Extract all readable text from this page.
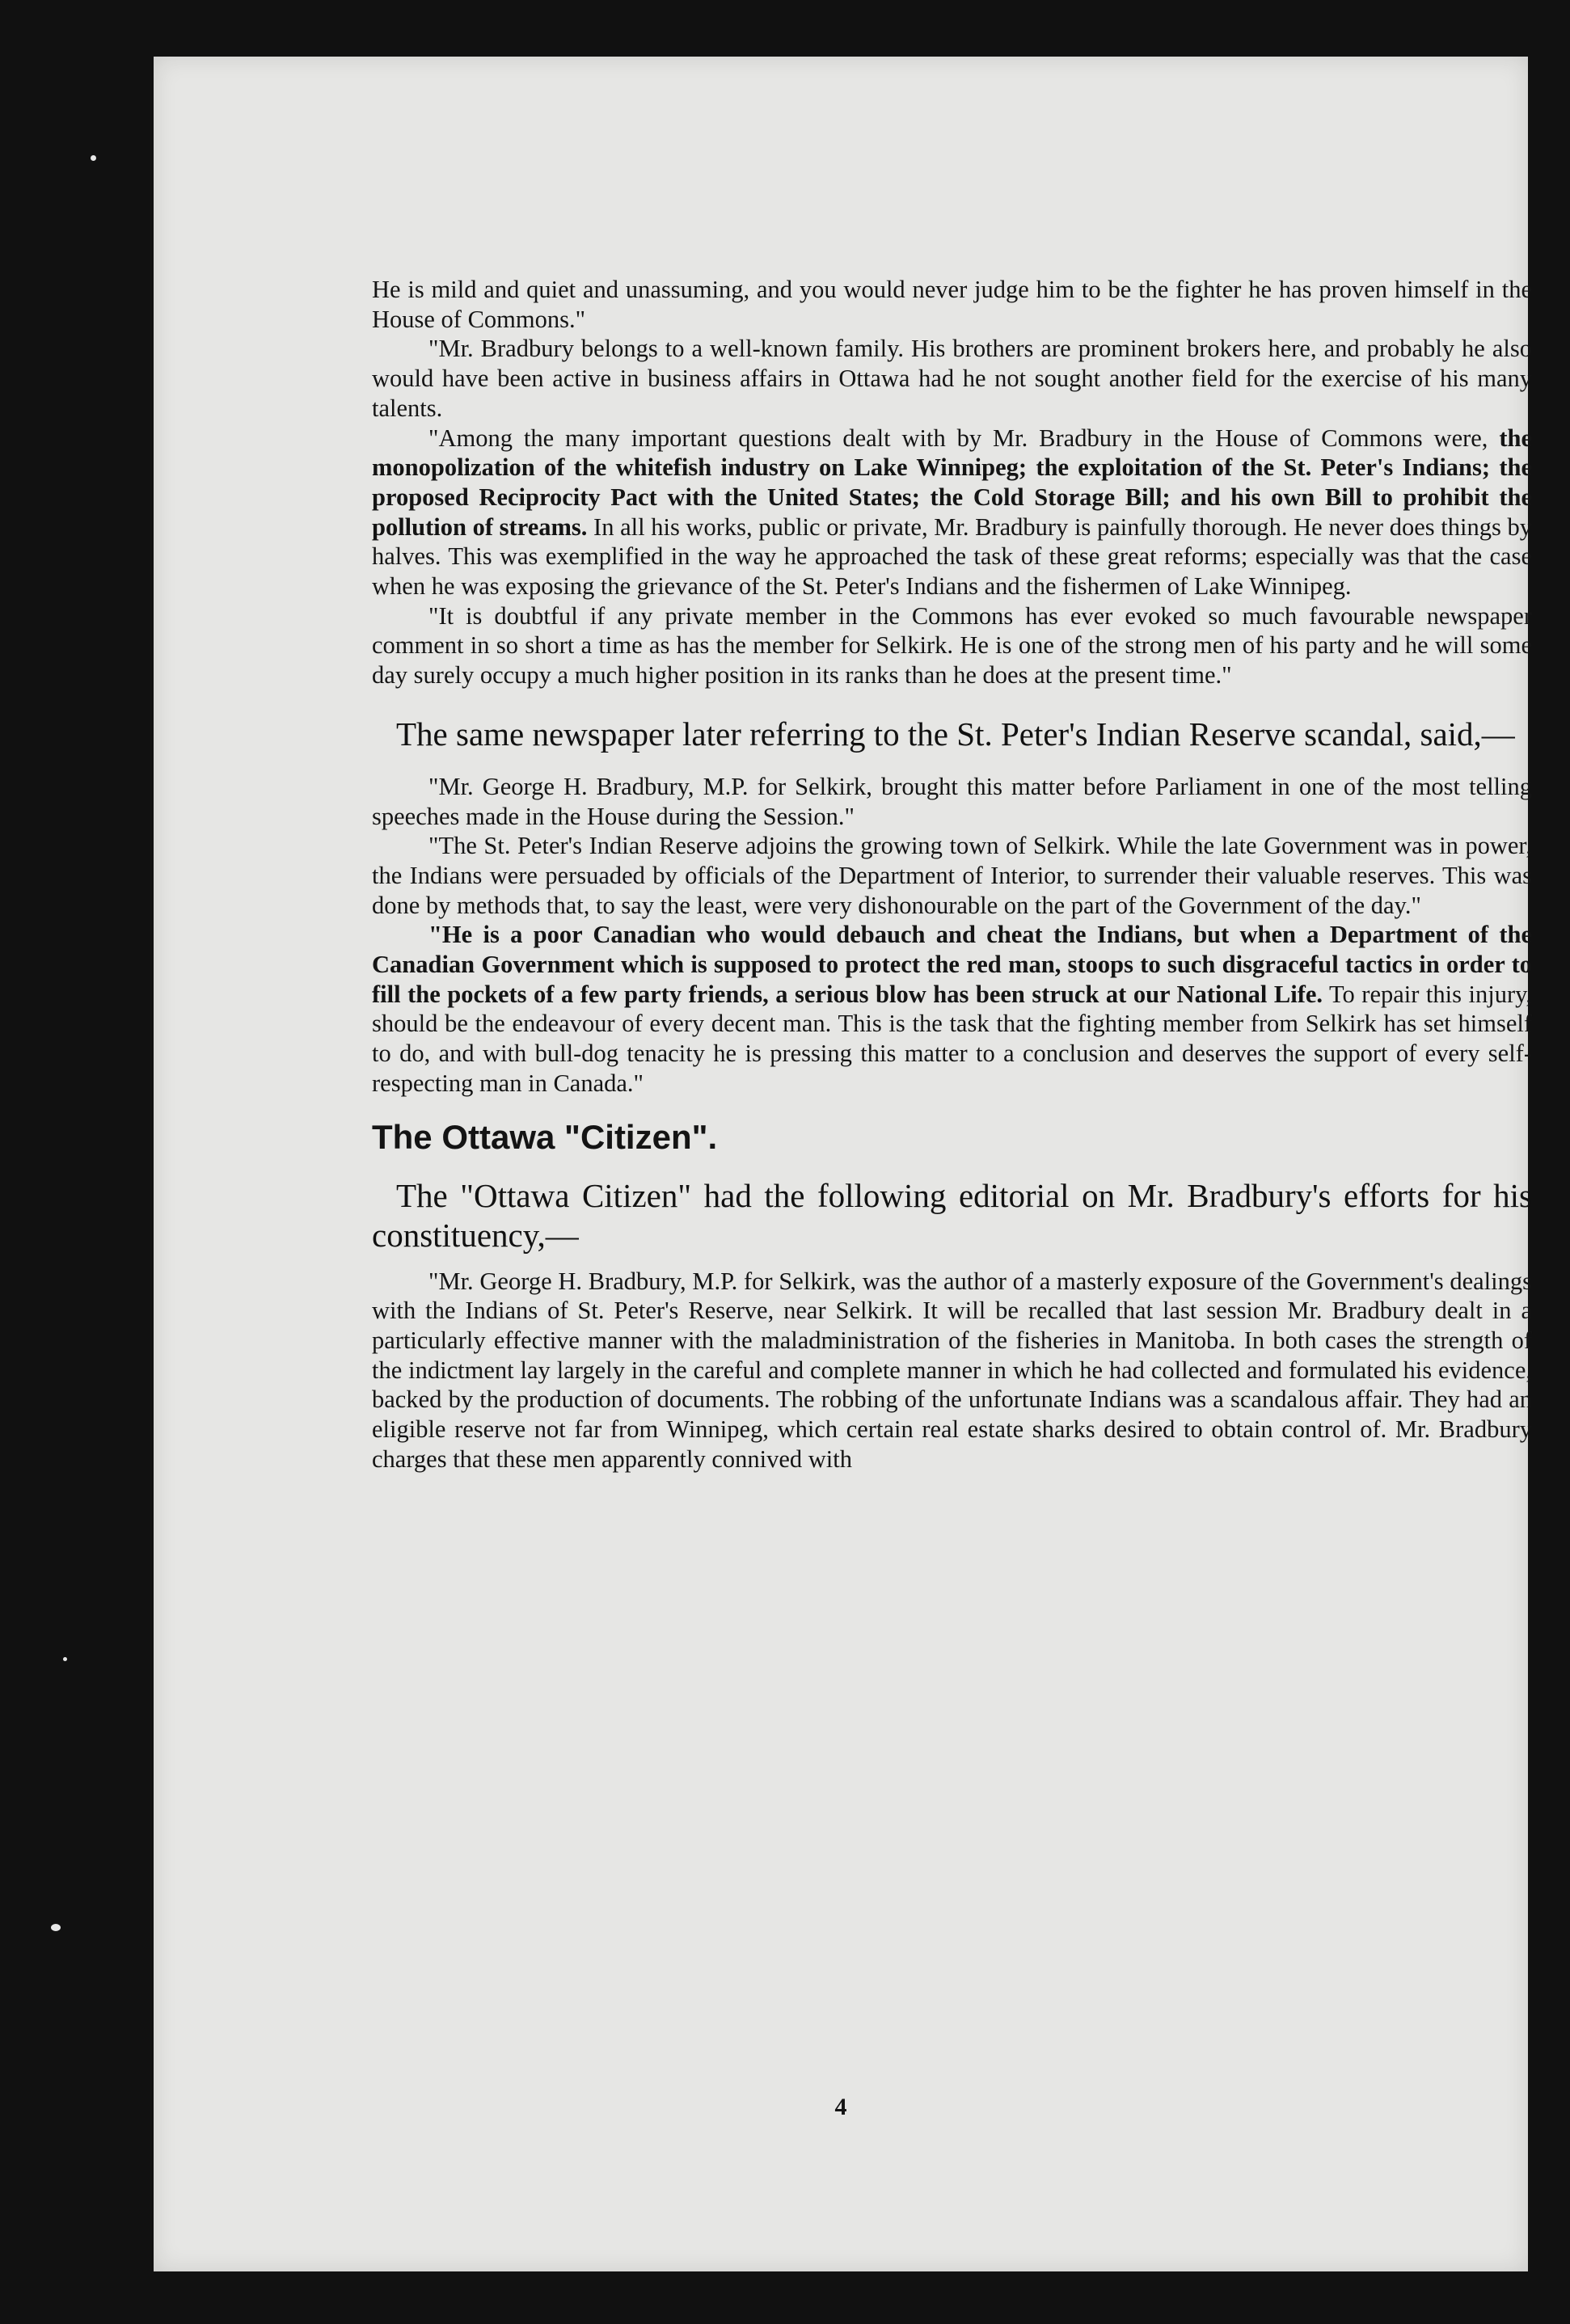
He is mild and quiet and unassuming, and you would never judge him to be the fighter he has proven himself in the House of Commons."

"Mr. Bradbury belongs to a well-known family. His brothers are prominent brokers here, and probably he also would have been active in business affairs in Ottawa had he not sought another field for the exercise of his many talents.

"Among the many important questions dealt with by Mr. Bradbury in the House of Commons were, the monopolization of the whitefish industry on Lake Winnipeg; the exploitation of the St. Peter's Indians; the proposed Reciprocity Pact with the United States; the Cold Storage Bill; and his own Bill to prohibit the pollution of streams. In all his works, public or private, Mr. Bradbury is painfully thorough. He never does things by halves. This was exemplified in the way he approached the task of these great reforms; especially was that the case when he was exposing the grievance of the St. Peter's Indians and the fishermen of Lake Winnipeg.

"It is doubtful if any private member in the Commons has ever evoked so much favourable newspaper comment in so short a time as has the member for Selkirk. He is one of the strong men of his party and he will some day surely occupy a much higher position in its ranks than he does at the present time."

The same newspaper later referring to the St. Peter's Indian Reserve scandal, said,—

"Mr. George H. Bradbury, M.P. for Selkirk, brought this matter before Parliament in one of the most telling speeches made in the House during the Session."

"The St. Peter's Indian Reserve adjoins the growing town of Selkirk. While the late Government was in power, the Indians were persuaded by officials of the Department of Interior, to surrender their valuable reserves. This was done by methods that, to say the least, were very dishonourable on the part of the Government of the day."

"He is a poor Canadian who would debauch and cheat the Indians, but when a Department of the Canadian Government which is supposed to protect the red man, stoops to such disgraceful tactics in order to fill the pockets of a few party friends, a serious blow has been struck at our National Life. To repair this injury, should be the endeavour of every decent man. This is the task that the fighting member from Selkirk has set himself to do, and with bull-dog tenacity he is pressing this matter to a conclusion and deserves the support of every self-respecting man in Canada."

The Ottawa "Citizen".

The "Ottawa Citizen" had the following editorial on Mr. Bradbury's efforts for his constituency,—

"Mr. George H. Bradbury, M.P. for Selkirk, was the author of a masterly exposure of the Government's dealings with the Indians of St. Peter's Reserve, near Selkirk. It will be recalled that last session Mr. Bradbury dealt in a particularly effective manner with the maladministration of the fisheries in Manitoba. In both cases the strength of the indictment lay largely in the careful and complete manner in which he had collected and formulated his evidence, backed by the production of documents. The robbing of the unfortunate Indians was a scandalous affair. They had an eligible reserve not far from Winnipeg, which certain real estate sharks desired to obtain control of. Mr. Bradbury charges that these men apparently connived with

4
